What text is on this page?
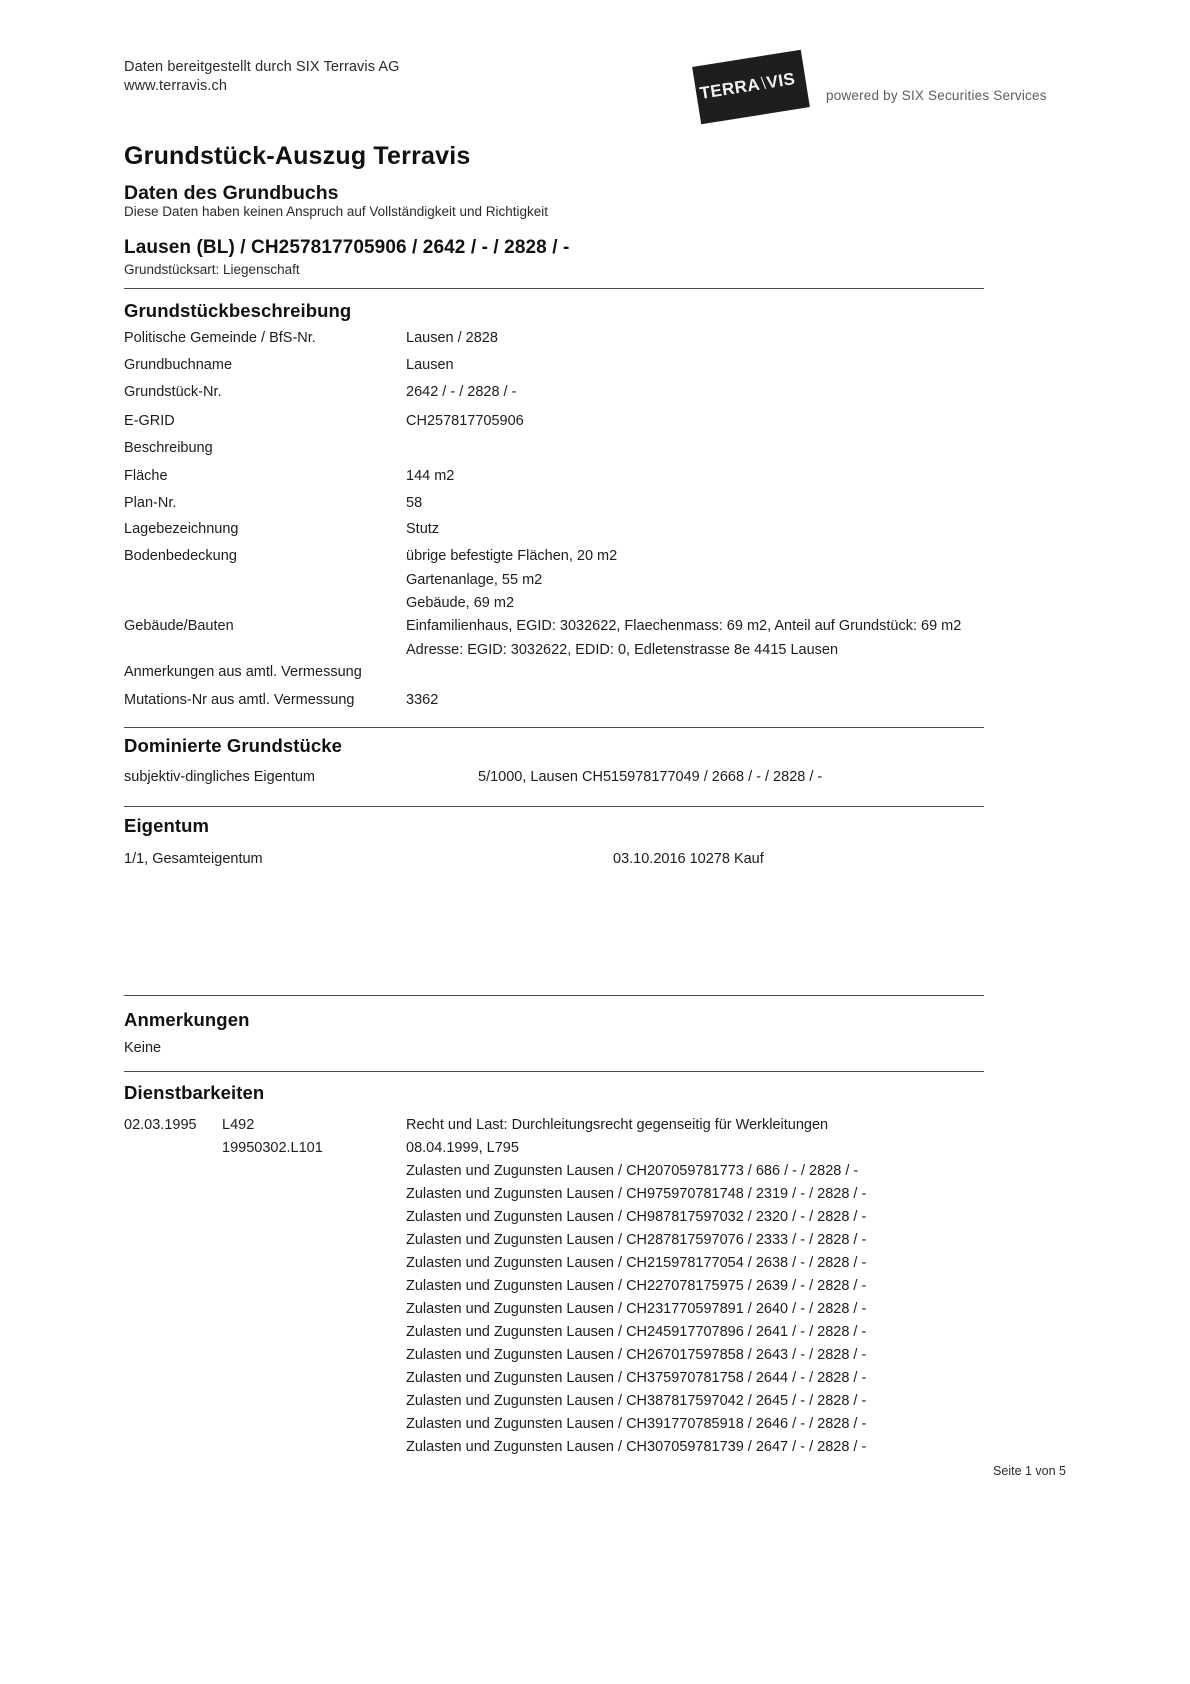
Daten bereitgestellt durch SIX Terravis AG
www.terravis.ch	TERRA\VIS
powered by SIX Securities Services
Grundstück-Auszug Terravis
Daten des Grundbuchs
Diese Daten haben keinen Anspruch auf Vollständigkeit und Richtigkeit
Lausen (BL) / CH257817705906 / 2642 / - / 2828 / -
Grundstücksart: Liegenschaft
Grundstückbeschreibung
Politische Gemeinde / BfS-Nr.	Lausen / 2828
Grundbuchname	Lausen
Grundstück-Nr.	2642 / - / 2828 / -
E-GRID	CH257817705906
Beschreibung
Fläche	144 m2
Plan-Nr.	58
Lagebezeichnung	Stutz
Bodenbedeckung	übrige befestigte Flächen, 20 m2
Gartenanlage, 55 m2
Gebäude, 69 m2
Gebäude/Bauten	Einfamilienhaus, EGID: 3032622, Flaechenmass: 69 m2, Anteil auf Grundstück: 69 m2
Adresse: EGID: 3032622, EDID: 0, Edletenstrasse 8e 4415 Lausen
Anmerkungen aus amtl. Vermessung
Mutations-Nr aus amtl. Vermessung	3362
Dominierte Grundstücke
subjektiv-dingliches Eigentum	5/1000, Lausen CH515978177049 / 2668 / - / 2828 / -
Eigentum
1/1, Gesamteigentum	03.10.2016 10278 Kauf
Anmerkungen
Keine
Dienstbarkeiten
02.03.1995 L492
19950302.L101
Recht und Last: Durchleitungsrecht gegenseitig für Werkleitungen
08.04.1999, L795
Zulasten und Zugunsten Lausen / CH207059781773 / 686 / - / 2828 / -
Zulasten und Zugunsten Lausen / CH975970781748 / 2319 / - / 2828 / -
Zulasten und Zugunsten Lausen / CH987817597032 / 2320 / - / 2828 / -
Zulasten und Zugunsten Lausen / CH287817597076 / 2333 / - / 2828 / -
Zulasten und Zugunsten Lausen / CH215978177054 / 2638 / - / 2828 / -
Zulasten und Zugunsten Lausen / CH227078175975 / 2639 / - / 2828 / -
Zulasten und Zugunsten Lausen / CH231770597891 / 2640 / - / 2828 / -
Zulasten und Zugunsten Lausen / CH245917707896 / 2641 / - / 2828 / -
Zulasten und Zugunsten Lausen / CH267017597858 / 2643 / - / 2828 / -
Zulasten und Zugunsten Lausen / CH375970781758 / 2644 / - / 2828 / -
Zulasten und Zugunsten Lausen / CH387817597042 / 2645 / - / 2828 / -
Zulasten und Zugunsten Lausen / CH391770785918 / 2646 / - / 2828 / -
Zulasten und Zugunsten Lausen / CH307059781739 / 2647 / - / 2828 / -
Seite 1 von 5
